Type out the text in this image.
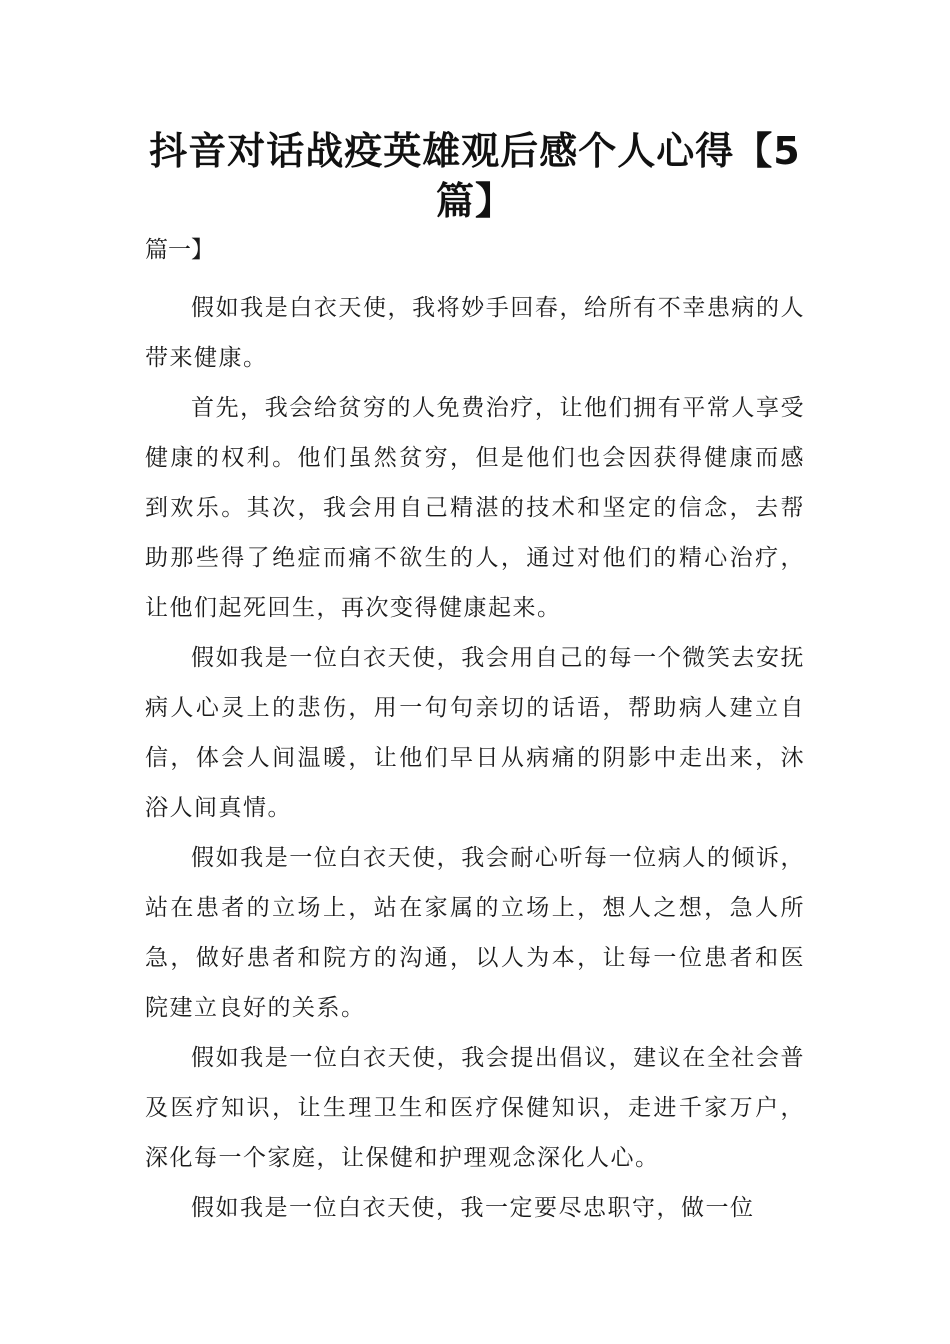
抖音对话战疫英雄观后感个人心得【5篇】

篇一】

假如我是白衣天使，我将妙手回春，给所有不幸患病的人带来健康。

首先，我会给贫穷的人免费治疗，让他们拥有平常人享受健康的权利。他们虽然贫穷，但是他们也会因获得健康而感到欢乐。其次，我会用自己精湛的技术和坚定的信念，去帮助那些得了绝症而痛不欲生的人，通过对他们的精心治疗，让他们起死回生，再次变得健康起来。

假如我是一位白衣天使，我会用自己的每一个微笑去安抚病人心灵上的悲伤，用一句句亲切的话语，帮助病人建立自信，体会人间温暖，让他们早日从病痛的阴影中走出来，沐浴人间真情。

假如我是一位白衣天使，我会耐心听每一位病人的倾诉，站在患者的立场上，站在家属的立场上，想人之想，急人所急，做好患者和院方的沟通，以人为本，让每一位患者和医院建立良好的关系。

假如我是一位白衣天使，我会提出倡议，建议在全社会普及医疗知识，让生理卫生和医疗保健知识，走进千家万户，深化每一个家庭，让保健和护理观念深化人心。

假如我是一位白衣天使，我一定要尽忠职守，做一位
